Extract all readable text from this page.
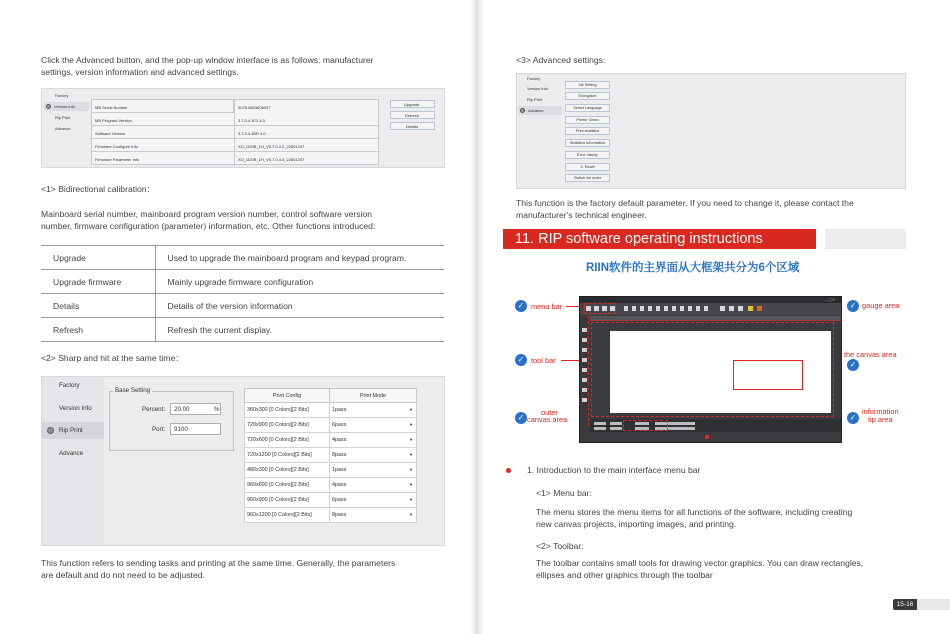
Click the Advanced button, and the pop-up window interface is as follows: manufacturer
settings, version information and advanced settings.
Factory
Version info
Rip Print
Advance
MB Serial Number	0078-6823606097
MB Program Version	3.7.0.4-872.4.0
Software Version	3.7.0.4-80R.4.0
Firmware Configure Info	XO_I320B_1H_V5.7.0.4.0_22801207
Firmware Parameter Info	XO_I320B_1H_V5.7.0.4.0_22801207
Upgrade
Refresh
Details
<1> Bidirectional calibration：
Mainboard serial number, mainboard program version number, control software version
number, firmware configuration (parameter) information, etc. Other functions introduced:
Upgrade	Used to upgrade the mainboard program and keypad program.
Upgrade firmware	Mainly upgrade firmware configuration
Details	Details of the version information
Refresh	Refresh the current display.
<2> Sharp and hit at the same time：
Factory
Version Info
Rip Print
Advance
Base Setting
Percent: 20.00	%
Port: 9100
Print Config	Print Mode
360x300 [0 Colors][2 Bits]	1pass ▼

720x900 [0 Colors][2 Bits]	6pass ▼

720x600 [0 Colors][2 Bits]	4pass ▼

720x1200 [0 Colors][2 Bits]	8pass ▼

480x300 [0 Colors][2 Bits]	1pass ▼

960x600 [0 Colors][2 Bits]	4pass ▼

960x900 [0 Colors][2 Bits]	6pass ▼

960x1200 [0 Colors][2 Bits]	8pass ▼
This function refers to sending tasks and printing at the same time. Generally, the parameters
are default and do not need to be adjusted.
<3> Advanced settings:
Factory
Version info
Rip Print
Advance
Init Setting
Encryption
Select Language
Printer Clean
Print statistics
Statistics Information
Error history
Z. Reset
Switch ink order
This function is the factory default parameter. If you need to change it, please contact the
manufacturer's technical engineer.
11. RIP software operating instructions
RIIN软件的主界面从大框架共分为6个区域
—▢✕
✓ menu bar
✓ tool bar
✓
outer
canvas area
✓ gauge area
the canvas area
✓
information
tip area
✓
1. Introduction to the main interface menu bar
<1> Menu bar:
The menu stores the menu items for all functions of the software, including creating
new canvas projects, importing images, and printing.
<2> Toolbar:
The toolbar contains small tools for drawing vector graphics. You can draw rectangles,
ellipses and other graphics through the toolbar
15-16
